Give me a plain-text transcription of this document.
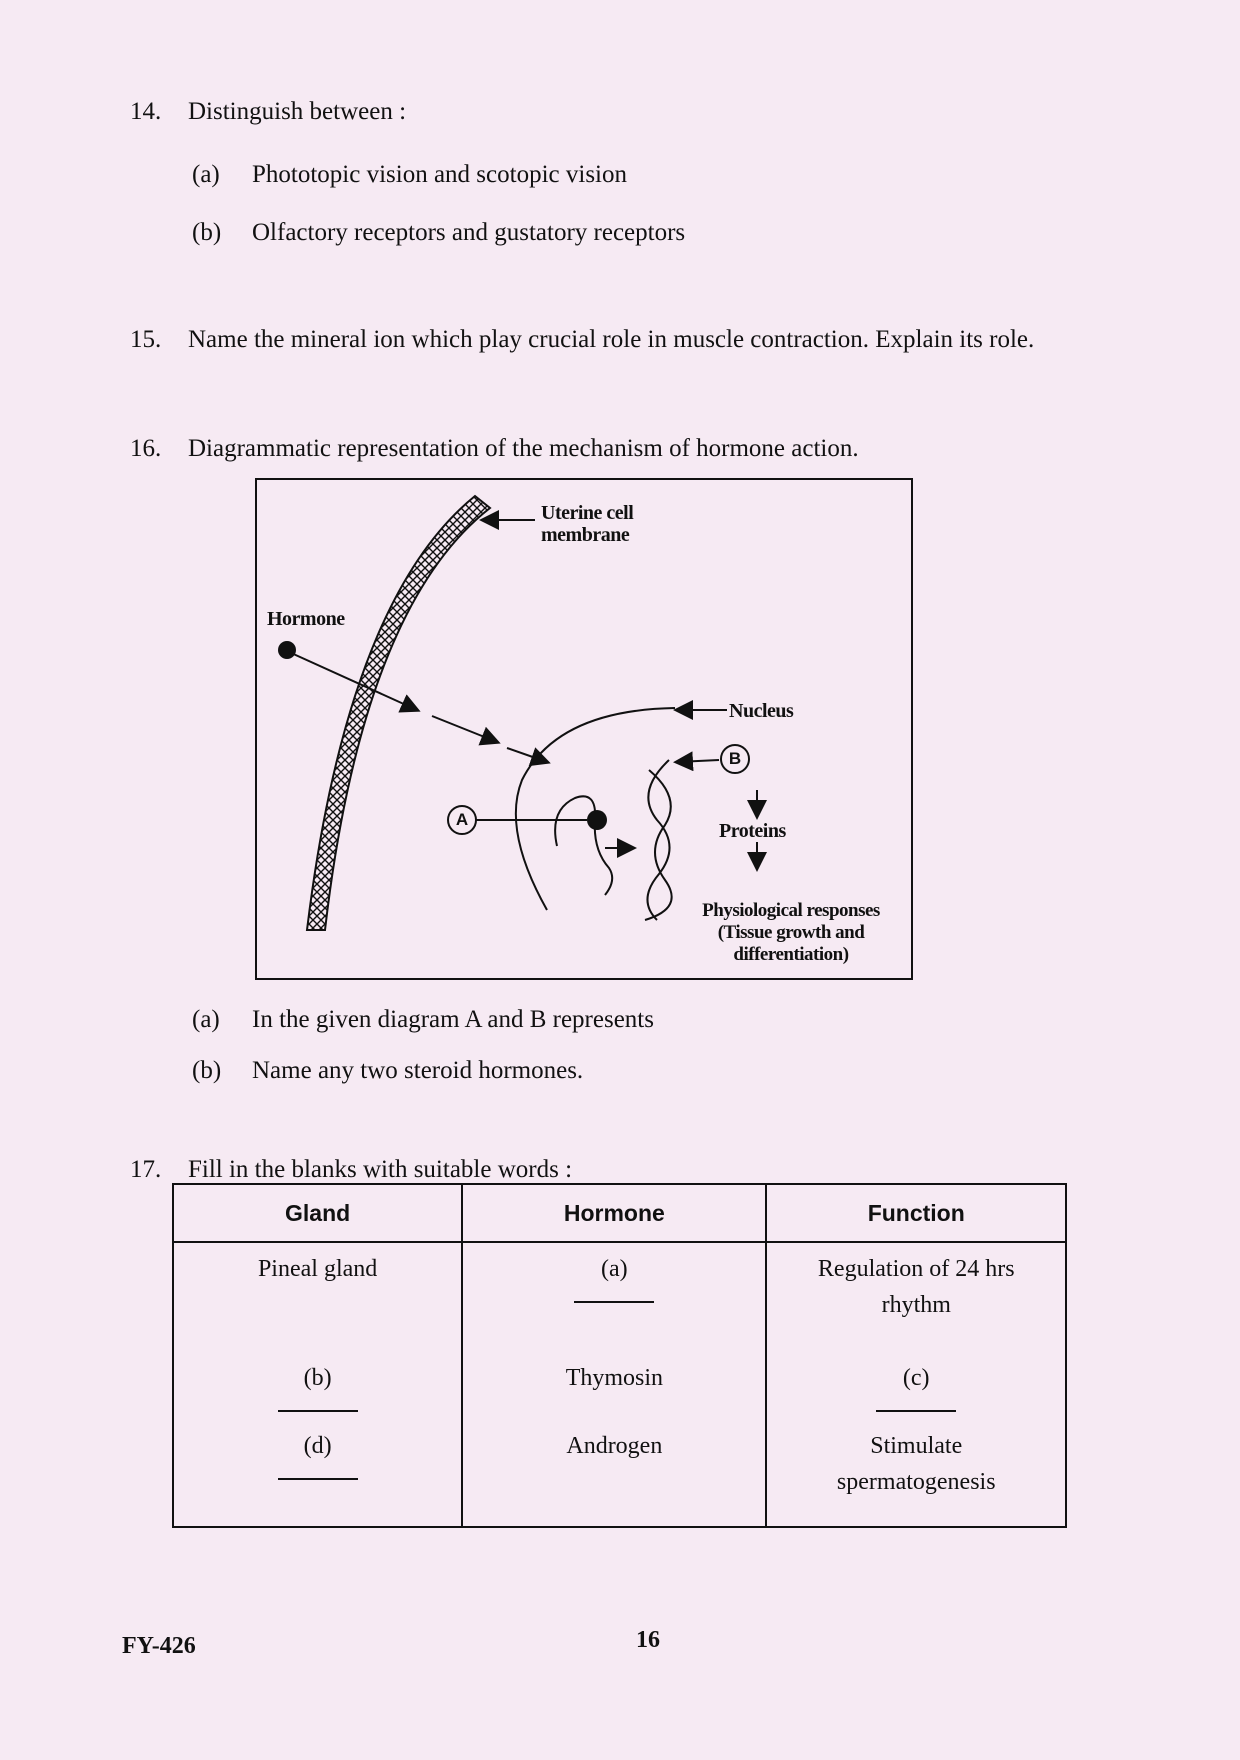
14. Distinguish between :
(a) Phototopic vision and scotopic vision
(b) Olfactory receptors and gustatory receptors
15. Name the mineral ion which play crucial role in muscle contraction. Explain its role.
16. Diagrammatic representation of the mechanism of hormone action.
Uterine cell
membrane
Hormone
Nucleus
B
A
Proteins
Physiological responses
(Tissue growth and
differentiation)
(a) In the given diagram A and B represents
(b) Name any two steroid hormones.
17. Fill in the blanks with suitable words :
Gland	Hormone	Function
Pineal gland	(a)	Regulation of 24 hrs
rhythm

(b)	Thymosin	(c)
(d)	Androgen	Stimulate
spermatogenesis
FY-426	16
